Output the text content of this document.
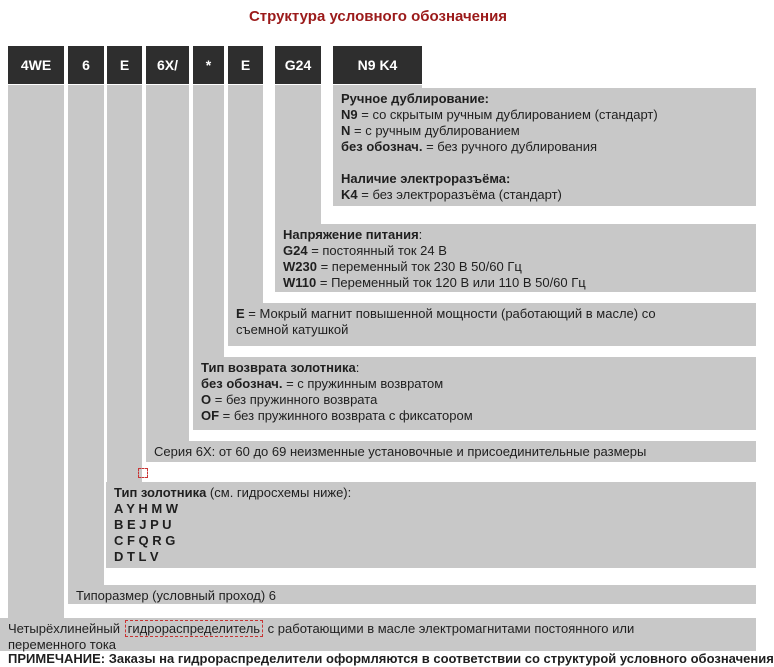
Структура условного обозначения
4WE	6	E	6X/	*	E	G24	N9 K4
Ручное дублирование:
N9 = со скрытым ручным дублированием (стандарт)
N = с ручным дублированием
без обознач. = без ручного дублирования
Наличие электроразъёма:
K4 = без электроразъёма (стандарт)
Напряжение питания:
G24 = постоянный ток 24 В
W230 = переменный ток 230 В 50/60 Гц
W110 = Переменный ток 120 В или 110 В 50/60 Гц
E = Мокрый магнит повышенной мощности (работающий в масле) со
съемной катушкой
Тип возврата золотника:
без обознач. = с пружинным возвратом
O = без пружинного возврата
OF = без пружинного возврата с фиксатором
Серия 6X: от 60 до 69 неизменные установочные и присоединительные размеры
Тип золотника (см. гидросхемы ниже):
A Y H M W
B E J P U
C F Q R G
D T L V
Типоразмер (условный проход) 6
Четырёхлинейный гидрораспределитель с работающими в масле электромагнитами постоянного или
переменного тока
ПРИМЕЧАНИЕ: Заказы на гидрораспределители оформляются в соответствии со структурой условного обозначения
